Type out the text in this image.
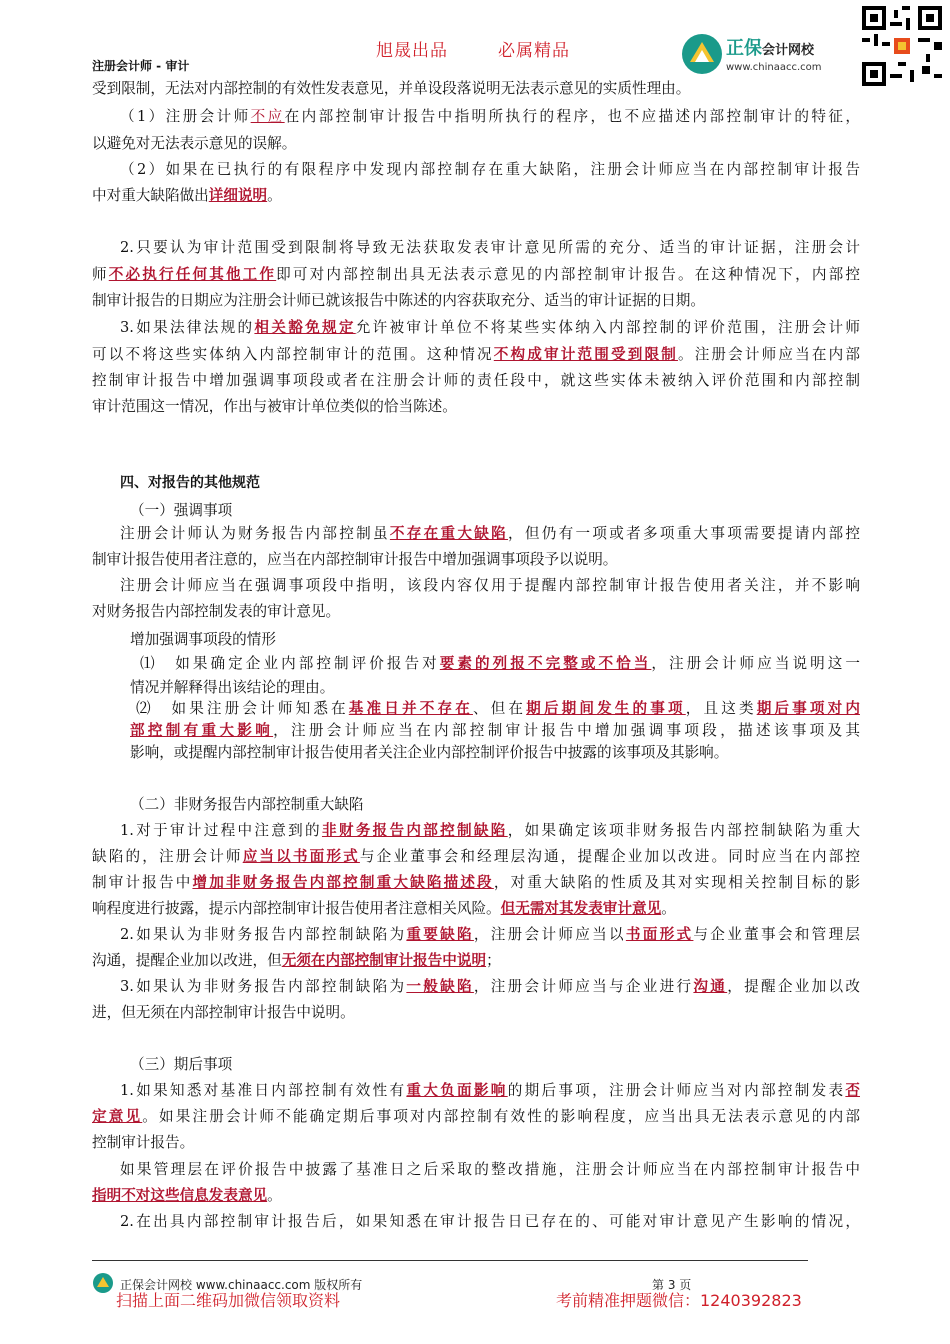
旭晟出品	必属精品
注册会计师 - 审计
正保会计网校
www.chinaacc.com
受到限制，无法对内部控制的有效性发表意见，并单设段落说明无法表示意见的实质性理由。
（1）注册会计师不应在内部控制审计报告中指明所执行的程序，也不应描述内部控制审计的特征，
以避免对无法表示意见的误解。
（2）如果在已执行的有限程序中发现内部控制存在重大缺陷，注册会计师应当在内部控制审计报告
中对重大缺陷做出详细说明。
2.只要认为审计范围受到限制将导致无法获取发表审计意见所需的充分、适当的审计证据，注册会计
师不必执行任何其他工作即可对内部控制出具无法表示意见的内部控制审计报告。在这种情况下，内部控
制审计报告的日期应为注册会计师已就该报告中陈述的内容获取充分、适当的审计证据的日期。
3.如果法律法规的相关豁免规定允许被审计单位不将某些实体纳入内部控制的评价范围，注册会计师
可以不将这些实体纳入内部控制审计的范围。这种情况不构成审计范围受到限制。注册会计师应当在内部
控制审计报告中增加强调事项段或者在注册会计师的责任段中，就这些实体未被纳入评价范围和内部控制
审计范围这一情况，作出与被审计单位类似的恰当陈述。
四、对报告的其他规范
（一）强调事项
注册会计师认为财务报告内部控制虽不存在重大缺陷，但仍有一项或者多项重大事项需要提请内部控
制审计报告使用者注意的，应当在内部控制审计报告中增加强调事项段予以说明。
注册会计师应当在强调事项段中指明，该段内容仅用于提醒内部控制审计报告使用者关注，并不影响
对财务报告内部控制发表的审计意见。
增加强调事项段的情形
⑴　如果确定企业内部控制评价报告对要素的列报不完整或不恰当，注册会计师应当说明这一
情况并解释得出该结论的理由。
⑵　如果注册会计师知悉在基准日并不存在、但在期后期间发生的事项，且这类期后事项对内
部控制有重大影响，注册会计师应当在内部控制审计报告中增加强调事项段，描述该事项及其
影响，或提醒内部控制审计报告使用者关注企业内部控制评价报告中披露的该事项及其影响。
（二）非财务报告内部控制重大缺陷
1.对于审计过程中注意到的非财务报告内部控制缺陷，如果确定该项非财务报告内部控制缺陷为重大
缺陷的，注册会计师应当以书面形式与企业董事会和经理层沟通，提醒企业加以改进。同时应当在内部控
制审计报告中增加非财务报告内部控制重大缺陷描述段，对重大缺陷的性质及其对实现相关控制目标的影
响程度进行披露，提示内部控制审计报告使用者注意相关风险。但无需对其发表审计意见。
2.如果认为非财务报告内部控制缺陷为重要缺陷，注册会计师应当以书面形式与企业董事会和管理层
沟通，提醒企业加以改进，但无须在内部控制审计报告中说明；
3.如果认为非财务报告内部控制缺陷为一般缺陷，注册会计师应当与企业进行沟通，提醒企业加以改
进，但无须在内部控制审计报告中说明。
（三）期后事项
1.如果知悉对基准日内部控制有效性有重大负面影响的期后事项，注册会计师应当对内部控制发表否
定意见。如果注册会计师不能确定期后事项对内部控制有效性的影响程度，应当出具无法表示意见的内部
控制审计报告。
如果管理层在评价报告中披露了基准日之后采取的整改措施，注册会计师应当在内部控制审计报告中
指明不对这些信息发表意见。
2.在出具内部控制审计报告后，如果知悉在审计报告日已存在的、可能对审计意见产生影响的情况，
正保会计网校 www.chinaacc.com 版权所有	第 3 页
扫描上面二维码加微信领取资料	考前精准押题微信：1240392823
